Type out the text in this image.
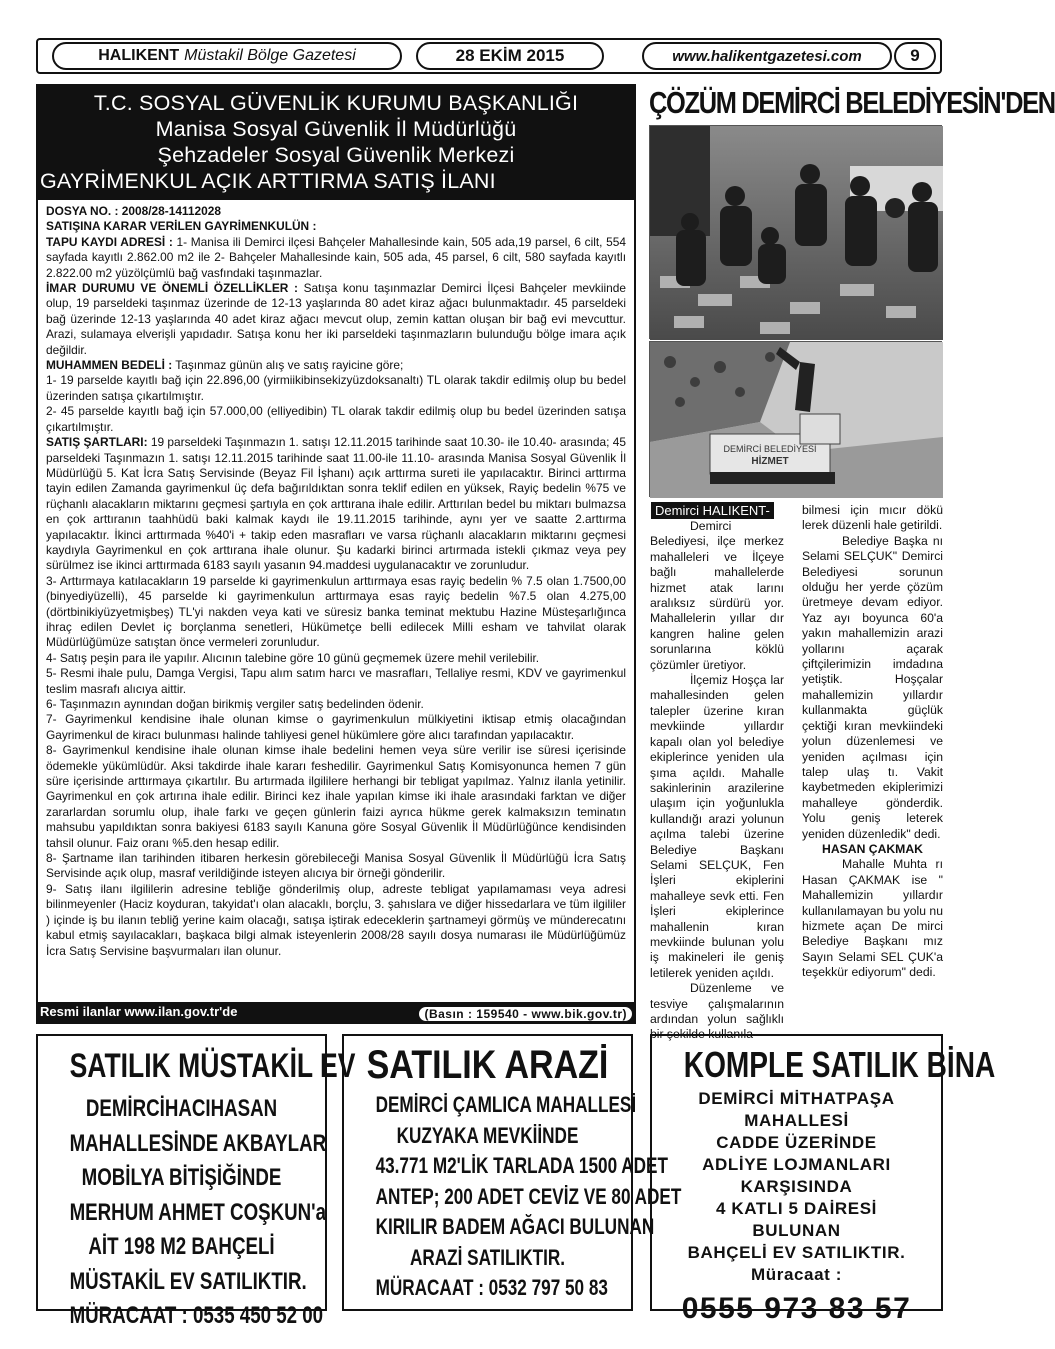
HALIKENT Müstakil Bölge Gazetesi	28 EKİM 2015	www.halikentgazetesi.com	9
T.C. SOSYAL GÜVENLİK KURUMU BAŞKANLIĞI
Manisa Sosyal Güvenlik İl Müdürlüğü
Şehzadeler Sosyal Güvenlik Merkezi
GAYRİMENKUL AÇIK ARTTIRMA SATIŞ İLANI

DOSYA NO. : 2008/28-14112028

SATIŞINA KARAR VERİLEN GAYRİMENKULÜN :

TAPU KAYDI ADRESİ : 1- Manisa ili Demirci ilçesi Bahçeler Mahallesinde kain, 505 ada,19 parsel, 6 cilt, 554 sayfada kayıtlı 2.862.00 m2 ile 2- Bahçeler Mahallesinde kain, 505 ada, 45 parsel, 6 cilt, 580 sayfada kayıtlı 2.822.00 m2 yüzölçümlü bağ vasfındaki taşınmazlar.

İMAR DURUMU VE ÖNEMLİ ÖZELLİKLER : Satışa konu taşınmazlar Demirci İlçesi Bahçeler mevkiinde olup, 19 parseldeki taşınmaz üzerinde de 12-13 yaşlarında 80 adet kiraz ağacı bulunmaktadır. 45 parseldeki bağ üzerinde 12-13 yaşlarında 40 adet kiraz ağacı mevcut olup, zemin kattan oluşan bir bağ evi mevcuttur. Arazi, sulamaya elverişli yapıdadır. Satışa konu her iki parseldeki taşınmazların bulunduğu bölge imara açık değildir.

MUHAMMEN BEDELİ : Taşınmaz günün alış ve satış rayicine göre;

1- 19 parselde kayıtlı bağ için 22.896,00 (yirmiikibinsekizyüzdoksanaltı) TL olarak takdir edilmiş olup bu bedel üzerinden satışa çıkartılmıştır.

2- 45 parselde kayıtlı bağ için 57.000,00 (elliyedibin) TL olarak takdir edilmiş olup bu bedel üzerinden satışa çıkartılmıştır.

SATIŞ ŞARTLARI: 19 parseldeki Taşınmazın 1. satışı 12.11.2015 tarihinde saat 10.30- ile 10.40- arasında; 45 parseldeki Taşınmazın 1. satışı 12.11.2015 tarihinde saat 11.00-ile 11.10- arasında Manisa Sosyal Güvenlik İl Müdürlüğü 5. Kat İcra Satış Servisinde (Beyaz Fil İşhanı) açık arttırma sureti ile yapılacaktır. Birinci arttırma tayin edilen Zamanda gayrimenkul üç defa bağırıldıktan sonra teklif edilen en yüksek, Rayiç bedelin %75 ve rüçhanlı alacakların miktarını geçmesi şartıyla en çok arttırana ihale edilir. Arttırılan bedel bu miktarı bulmazsa en çok arttıranın taahhüdü baki kalmak kaydı ile 19.11.2015 tarihinde, aynı yer ve saatte 2.arttırma yapılacaktır. İkinci arttırmada %40'i + takip eden masrafları ve varsa rüçhanlı alacakların miktarını geçmesi kaydıyla Gayrimenkul en çok arttırana ihale olunur. Şu kadarki birinci artırmada istekli çıkmaz veya pey sürülmez ise ikinci arttırmada 6183 sayılı yasanın 94.maddesi uygulanacaktır ve zorunludur.

3- Arttırmaya katılacakların 19 parselde ki gayrimenkulun arttırmaya esas rayiç bedelin % 7.5 olan 1.7500,00 (binyediyüzelli), 45 parselde ki gayrimenkulun arttırmaya esas rayiç bedelin %7.5 olan 4.275,00 (dörtbinikiyüzyetmişbeş) TL'yi nakden veya kati ve süresiz banka teminat mektubu Hazine Müsteşarlığınca ihraç edilen Devlet iç borçlanma senetleri, Hükümetçe belli edilecek Milli esham ve tahvilat olarak Müdürlüğümüze satıştan önce vermeleri zorunludur.

4- Satış peşin para ile yapılır. Alıcının talebine göre 10 günü geçmemek üzere mehil verilebilir.

5- Resmi ihale pulu, Damga Vergisi, Tapu alım satım harcı ve masrafları, Tellaliye resmi, KDV ve gayrimenkul teslim masrafı alıcıya aittir.

6- Taşınmazın aynından doğan birikmiş vergiler satış bedelinden ödenir.

7- Gayrimenkul kendisine ihale olunan kimse o gayrimenkulun mülkiyetini iktisap etmiş olacağından Gayrimenkul de kiracı bulunması halinde tahliyesi genel hükümlere göre alıcı tarafından yapılacaktır.

8- Gayrimenkul kendisine ihale olunan kimse ihale bedelini hemen veya süre verilir ise süresi içerisinde ödemekle yükümlüdür. Aksi takdirde ihale kararı feshedilir. Gayrimenkul Satış Komisyonunca hemen 7 gün süre içerisinde arttırmaya çıkartılır. Bu artırmada ilgililere herhangi bir tebligat yapılmaz. Yalnız ilanla yetinilir. Gayrimenkul en çok artırına ihale edilir. Birinci kez ihale yapılan kimse iki ihale arasındaki farktan ve diğer zararlardan sorumlu olup, ihale farkı ve geçen günlerin faizi ayrıca hükme gerek kalmaksızın teminatın mahsubu yapıldıktan sonra bakiyesi 6183 sayılı Kanuna göre Sosyal Güvenlik İl Müdürlüğünce kendisinden tahsil olunur. Faiz oranı %5.den hesap edilir.

8- Şartname ilan tarihinden itibaren herkesin görebileceği Manisa Sosyal Güvenlik İl Müdürlüğü İcra Satış Servisinde açık olup, masraf verildiğinde isteyen alıcıya bir örneği gönderilir.

9- Satış ilanı ilgililerin adresine tebliğe gönderilmiş olup, adreste tebligat yapılamaması veya adresi bilinmeyenler (Haciz koyduran, takyidat'ı olan alacaklı, borçlu, 3. şahıslara ve diğer hissedarlara ve tüm ilgililer ) içinde iş bu ilanın tebliğ yerine kaim olacağı, satışa iştirak edeceklerin şartnameyi görmüş ve münderecatını kabul etmiş sayılacakları, başkaca bilgi almak isteyenlerin 2008/28 sayılı dosya numarası ile Müdürlüğümüz İcra Satış Servisine başvurmaları ilan olunur.

Resmi ilanlar www.ilan.gov.tr'de	(Basın : 159540 - www.bik.gov.tr)
ÇÖZÜM DEMİRCİ BELEDİYESİN'DEN
DEMİRCİ BELEDİYESİ
HİZMET
Demirci HALIKENT-

Demirci Belediyesi, ilçe merkez mahalleleri ve İlçeye bağlı mahallelerde hizmet atak larını aralıksız sürdürü yor. Mahallelerin yıllar dır kangren haline gelen sorunlarına köklü çözümler üretiyor.

İlçemiz Hoşça lar mahallesinden gelen talepler üzerine kıran mevkiinde yıllardır kapalı olan yol belediye ekiplerince yeniden ula şıma açıldı. Mahalle sakinlerinin arazilerine ulaşım için yoğunlukla kullandığı arazi yolunun açılma talebi üzerine Belediye Başkanı Selami SELÇUK, Fen İşleri ekiplerini mahalleye sevk etti. Fen İşleri ekiplerince mahallenin kıran mevkiinde bulunan yolu iş makineleri ile geniş letilerek yeniden açıldı.

Düzenleme ve tesviye çalışmalarının ardından yolun sağlıklı bir şekilde kullanıla-

bilmesi için mıcır dökü lerek düzenli hale getirildi.

Belediye Başka nı Selami SELÇUK" Demirci Belediyesi sorunun olduğu her yerde çözüm üretmeye devam ediyor. Yaz ayı boyunca 60'a yakın mahallemizin arazi yollarını açarak çiftçilerimizin imdadına yetiştik. Hoşçalar mahallemizin yıllardır kullanmakta güçlük çektiği kıran mevkiindeki yolun düzenlemesi ve yeniden açılması için talep ulaş tı. Vakit kaybetmeden ekiplerimizi mahalleye gönderdik. Yolu geniş leterek yeniden düzenledik" dedi.

HASAN ÇAKMAK

Mahalle Muhta rı Hasan ÇAKMAK ise " Mahallemizin yıllardır kullanılamayan bu yolu nu hizmete açan De mirci Belediye Başkanı mız Sayın Selami SEL ÇUK'a teşekkür ediyorum" dedi.

SATILIK MÜSTAKİL EV
DEMİRCİHACIHASAN
MAHALLESİNDE AKBAYLAR
MOBİLYA BİTİŞİĞİNDE
MERHUM AHMET COŞKUN'a
AİT 198 M2 BAHÇELİ
MÜSTAKİL EV SATILIKTIR.
MÜRACAAT : 0535 450 52 00
SATILIK ARAZİ
DEMİRCİ ÇAMLICA MAHALLESİ
KUZYAKA MEVKİİNDE
43.771 M2'LİK TARLADA 1500 ADET
ANTEP; 200 ADET CEVİZ VE 80 ADET
KIRILIR BADEM AĞACI BULUNAN
ARAZİ SATILIKTIR.
MÜRACAAT : 0532 797 50 83
KOMPLE SATILIK BİNA
DEMİRCİ MİTHATPAŞA
MAHALLESİ
CADDE ÜZERİNDE
ADLİYE LOJMANLARI
KARŞISINDA
4 KATLI 5 DAİRESİ
BULUNAN
BAHÇELİ EV SATILIKTIR.
Müracaat :
0555 973 83 57
